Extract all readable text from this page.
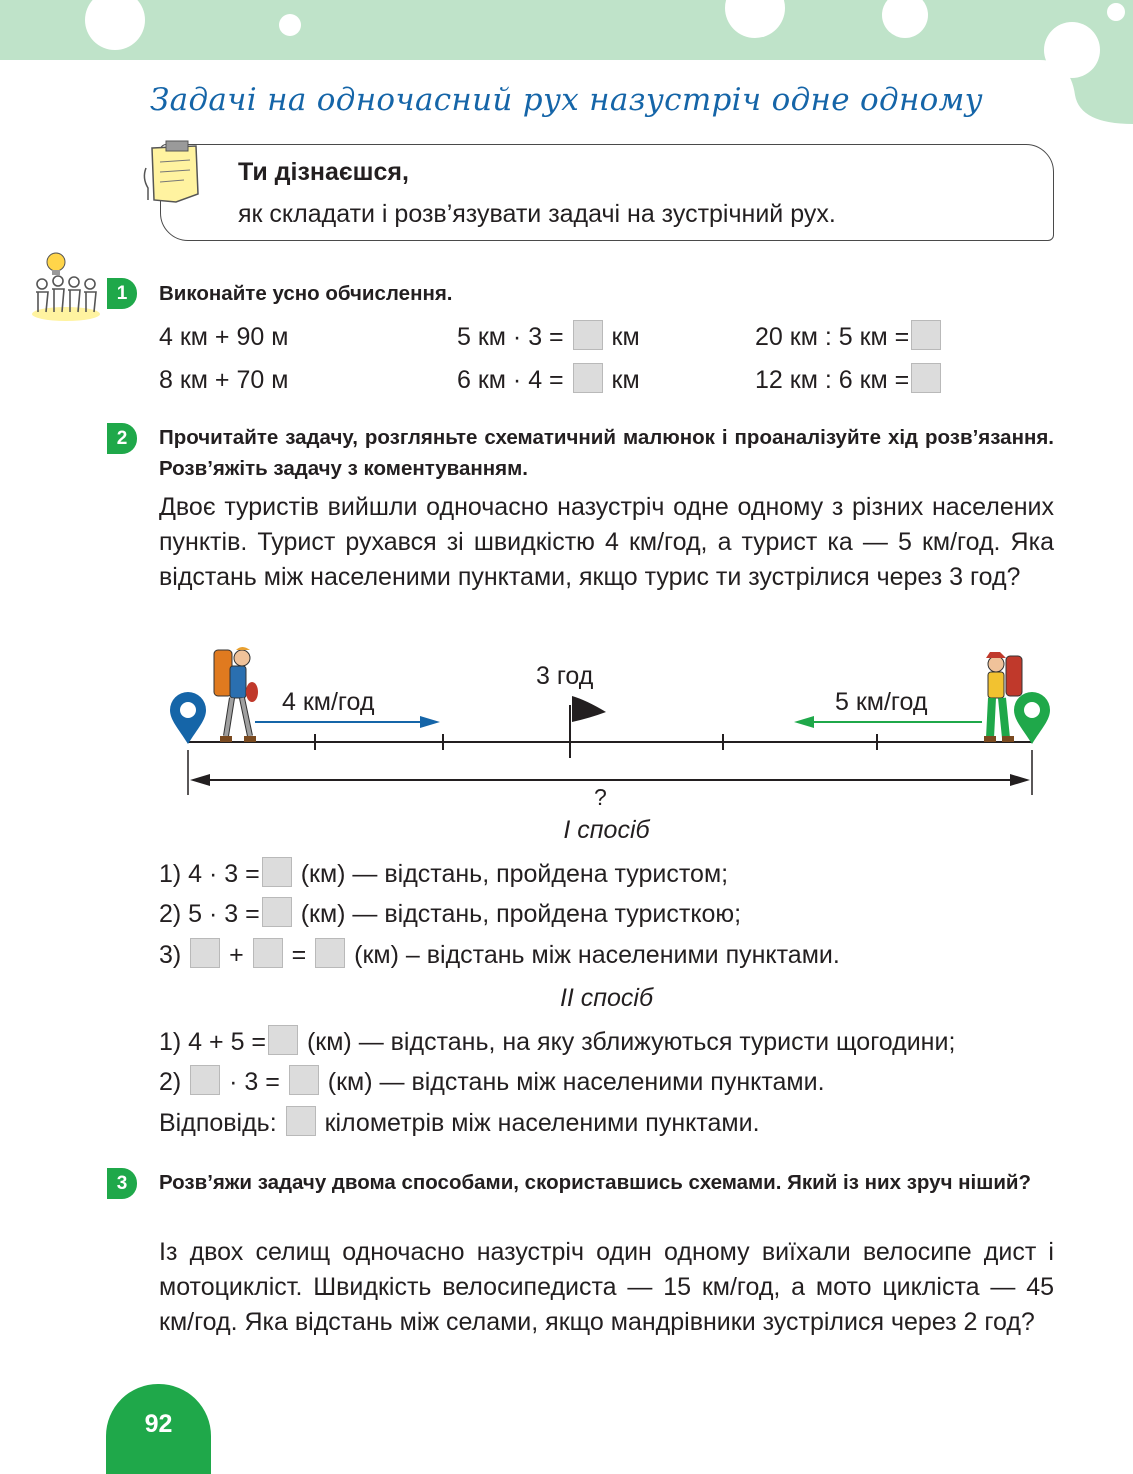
Задачі на одночасний рух назустріч одне одному
Ти дізнаєшся,
як складати і розв’язувати задачі на зустрічний рух.
1	Виконайте усно обчислення.
4 км + 90 м	5 км · 3 = км	20 км : 5 км =
8 км + 70 м	6 км · 4 = км	12 км : 6 км =
2	Прочитайте задачу, розгляньте схематичний малюнок і проаналізуйте хід розв’язання. Розв’яжіть задачу з коментуванням.
Двоє туристів вийшли одночасно назустріч одне одному з різних населених пунктів. Турист рухався зі швидкістю 4 км/год, а турист ка — 5 км/год. Яка відстань між населеними пунктами, якщо турис ти зустрілися через 3 год?
4 км/год
3 год
5 км/год
?
І спосіб
1) 4 · 3 = (км) — відстань, пройдена туристом;
2) 5 · 3 = (км) — відстань, пройдена туристкою;
3) + = (км) – відстань між населеними пунктами.
ІІ спосіб
1) 4 + 5 = (км) — відстань, на яку зближуються туристи щогодини;
2) · 3 = (км) — відстань між населеними пунктами.
Відповідь: кілометрів між населеними пунктами.
3	Розв’яжи задачу двома способами, скориставшись схемами. Який із них зруч ніший?
Із двох селищ одночасно назустріч один одному виїхали велосипе дист і мотоцикліст. Швидкість велосипедиста — 15 км/год, а мото цикліста — 45 км/год. Яка відстань між селами, якщо мандрівники зустрілися через 2 год?
92
